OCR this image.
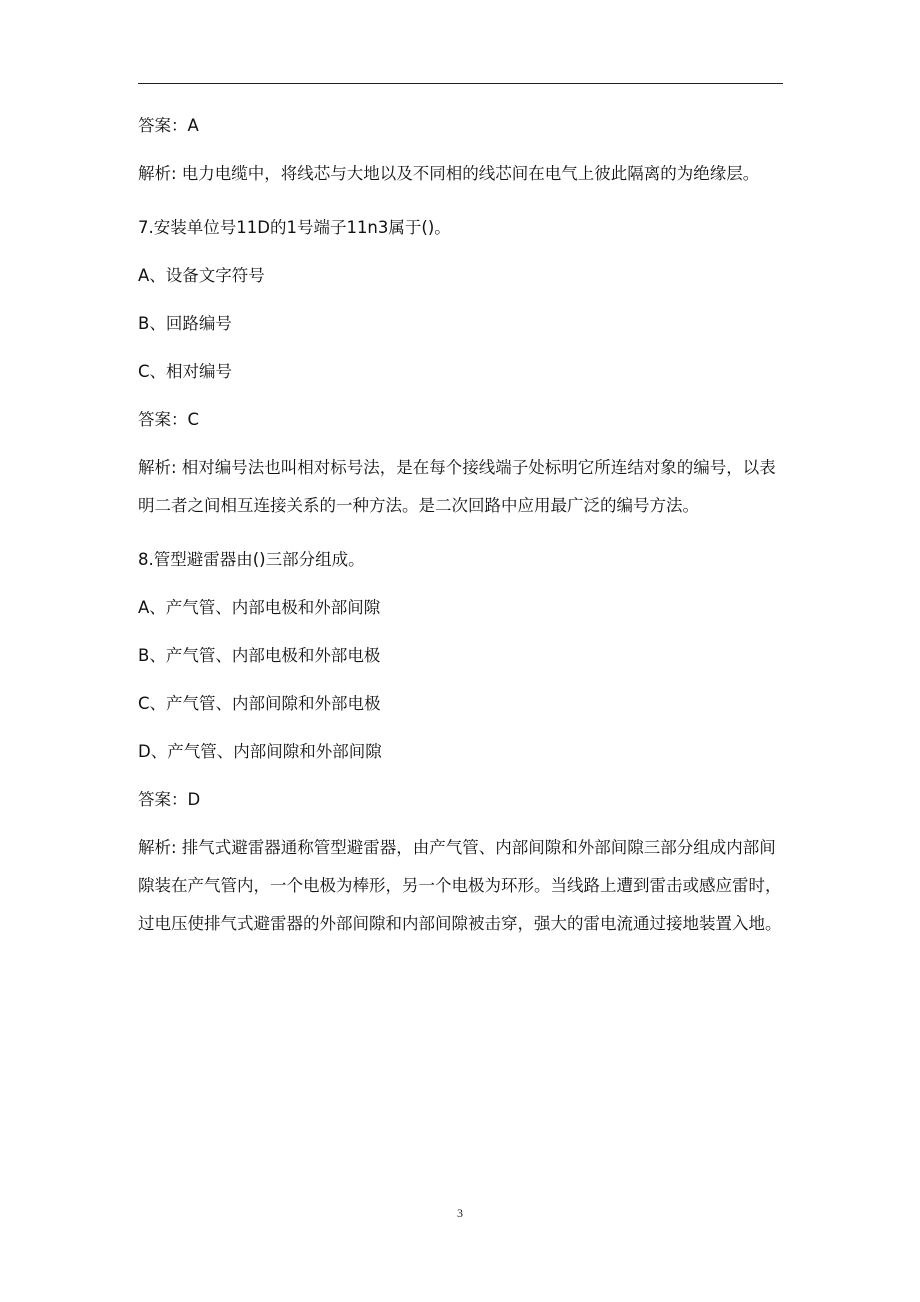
答案：A
解析: 电力电缆中，将线芯与大地以及不同相的线芯间在电气上彼此隔离的为绝缘层。
7.安装单位号11D的1号端子11n3属于()。
A、设备文字符号
B、回路编号
C、相对编号
答案：C
解析: 相对编号法也叫相对标号法，是在每个接线端子处标明它所连结对象的编号，以表明二者之间相互连接关系的一种方法。是二次回路中应用最广泛的编号方法。
8.管型避雷器由()三部分组成。
A、产气管、内部电极和外部间隙
B、产气管、内部电极和外部电极
C、产气管、内部间隙和外部电极
D、产气管、内部间隙和外部间隙
答案：D
解析: 排气式避雷器通称管型避雷器，由产气管、内部间隙和外部间隙三部分组成内部间隙装在产气管内，一个电极为棒形，另一个电极为环形。当线路上遭到雷击或感应雷时，过电压使排气式避雷器的外部间隙和内部间隙被击穿，强大的雷电流通过接地装置入地。
3
